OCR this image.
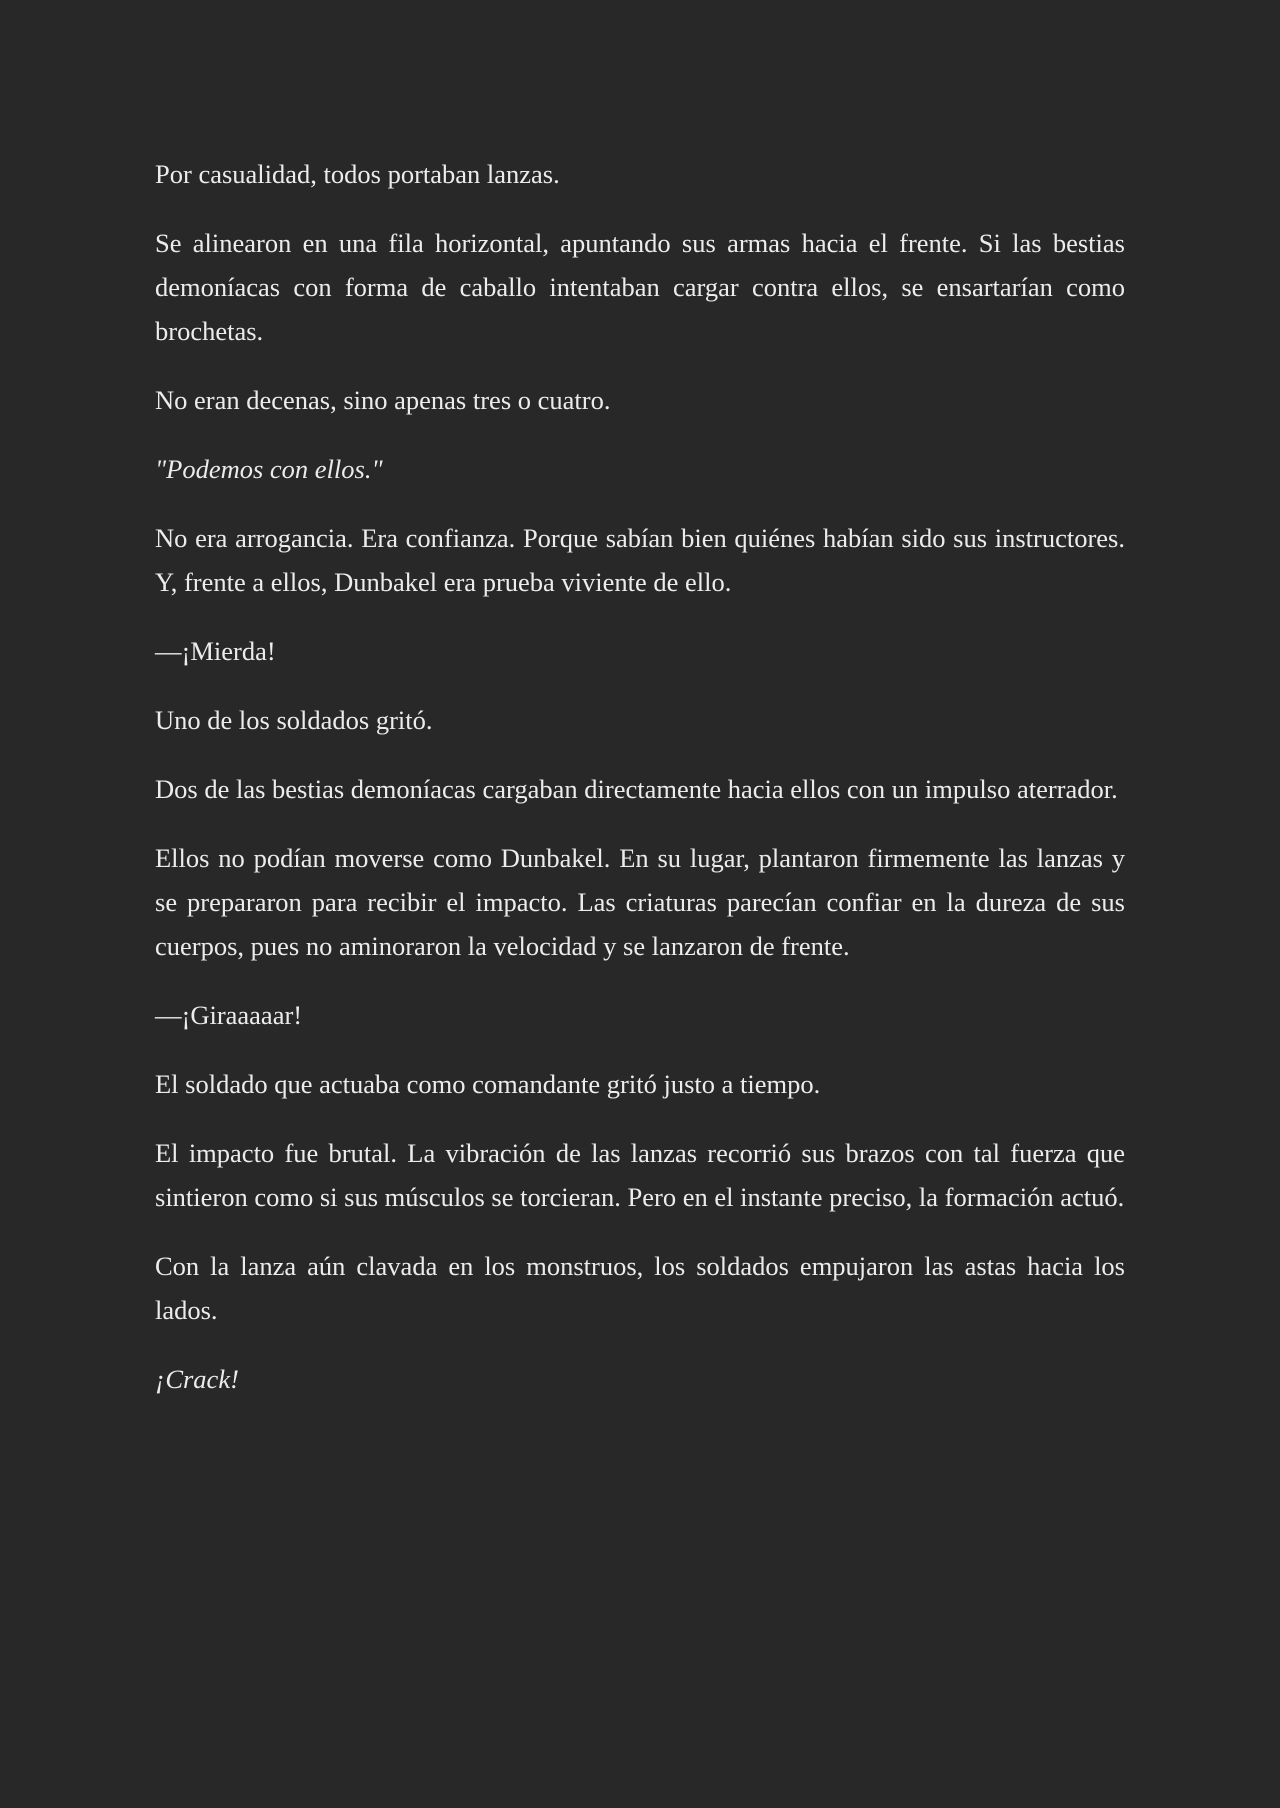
Por casualidad, todos portaban lanzas.

Se alinearon en una fila horizontal, apuntando sus armas hacia el frente. Si las bestias demoníacas con forma de caballo intentaban cargar contra ellos, se ensartarían como brochetas.

No eran decenas, sino apenas tres o cuatro.

"Podemos con ellos."

No era arrogancia. Era confianza. Porque sabían bien quiénes habían sido sus instructores. Y, frente a ellos, Dunbakel era prueba viviente de ello.

—¡Mierda!

Uno de los soldados gritó.

Dos de las bestias demoníacas cargaban directamente hacia ellos con un impulso aterrador.

Ellos no podían moverse como Dunbakel. En su lugar, plantaron firmemente las lanzas y se prepararon para recibir el impacto. Las criaturas parecían confiar en la dureza de sus cuerpos, pues no aminoraron la velocidad y se lanzaron de frente.

—¡Giraaaaar!

El soldado que actuaba como comandante gritó justo a tiempo.

El impacto fue brutal. La vibración de las lanzas recorrió sus brazos con tal fuerza que sintieron como si sus músculos se torcieran. Pero en el instante preciso, la formación actuó.

Con la lanza aún clavada en los monstruos, los soldados empujaron las astas hacia los lados.

¡Crack!
